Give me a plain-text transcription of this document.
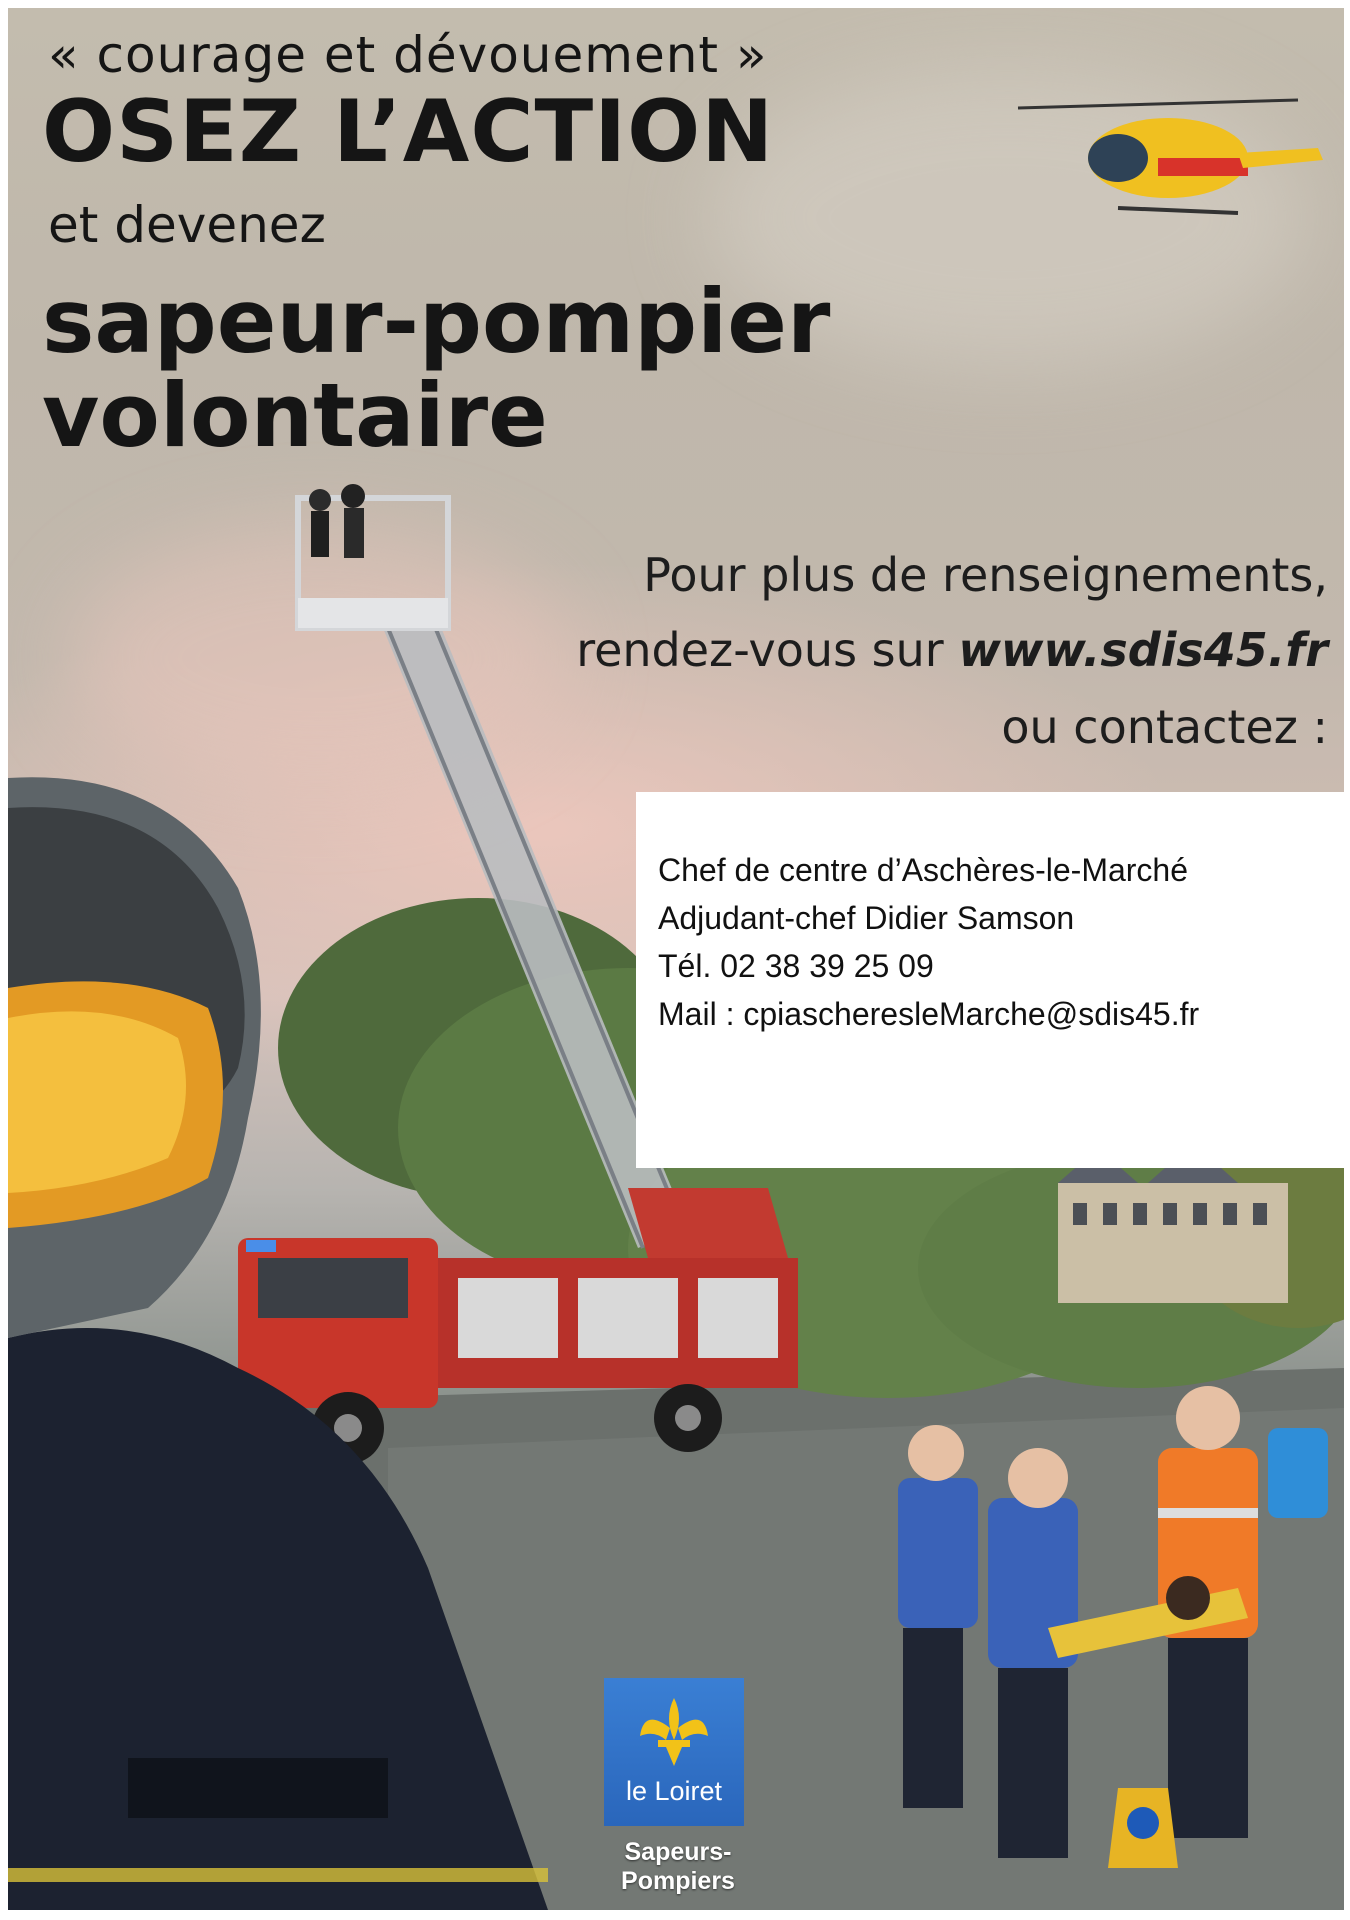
« courage et dévouement »
OSEZ L’ACTION
et devenez
sapeur-pompier
volontaire
Pour plus de renseignements,
rendez-vous sur www.sdis45.fr
ou contactez :
Chef de centre d’Aschères-le-Marché
Adjudant-chef Didier Samson
Tél. 02 38 39 25 09
Mail : cpiascheresleMarche@sdis45.fr
le Loiret
Sapeurs-Pompiers
